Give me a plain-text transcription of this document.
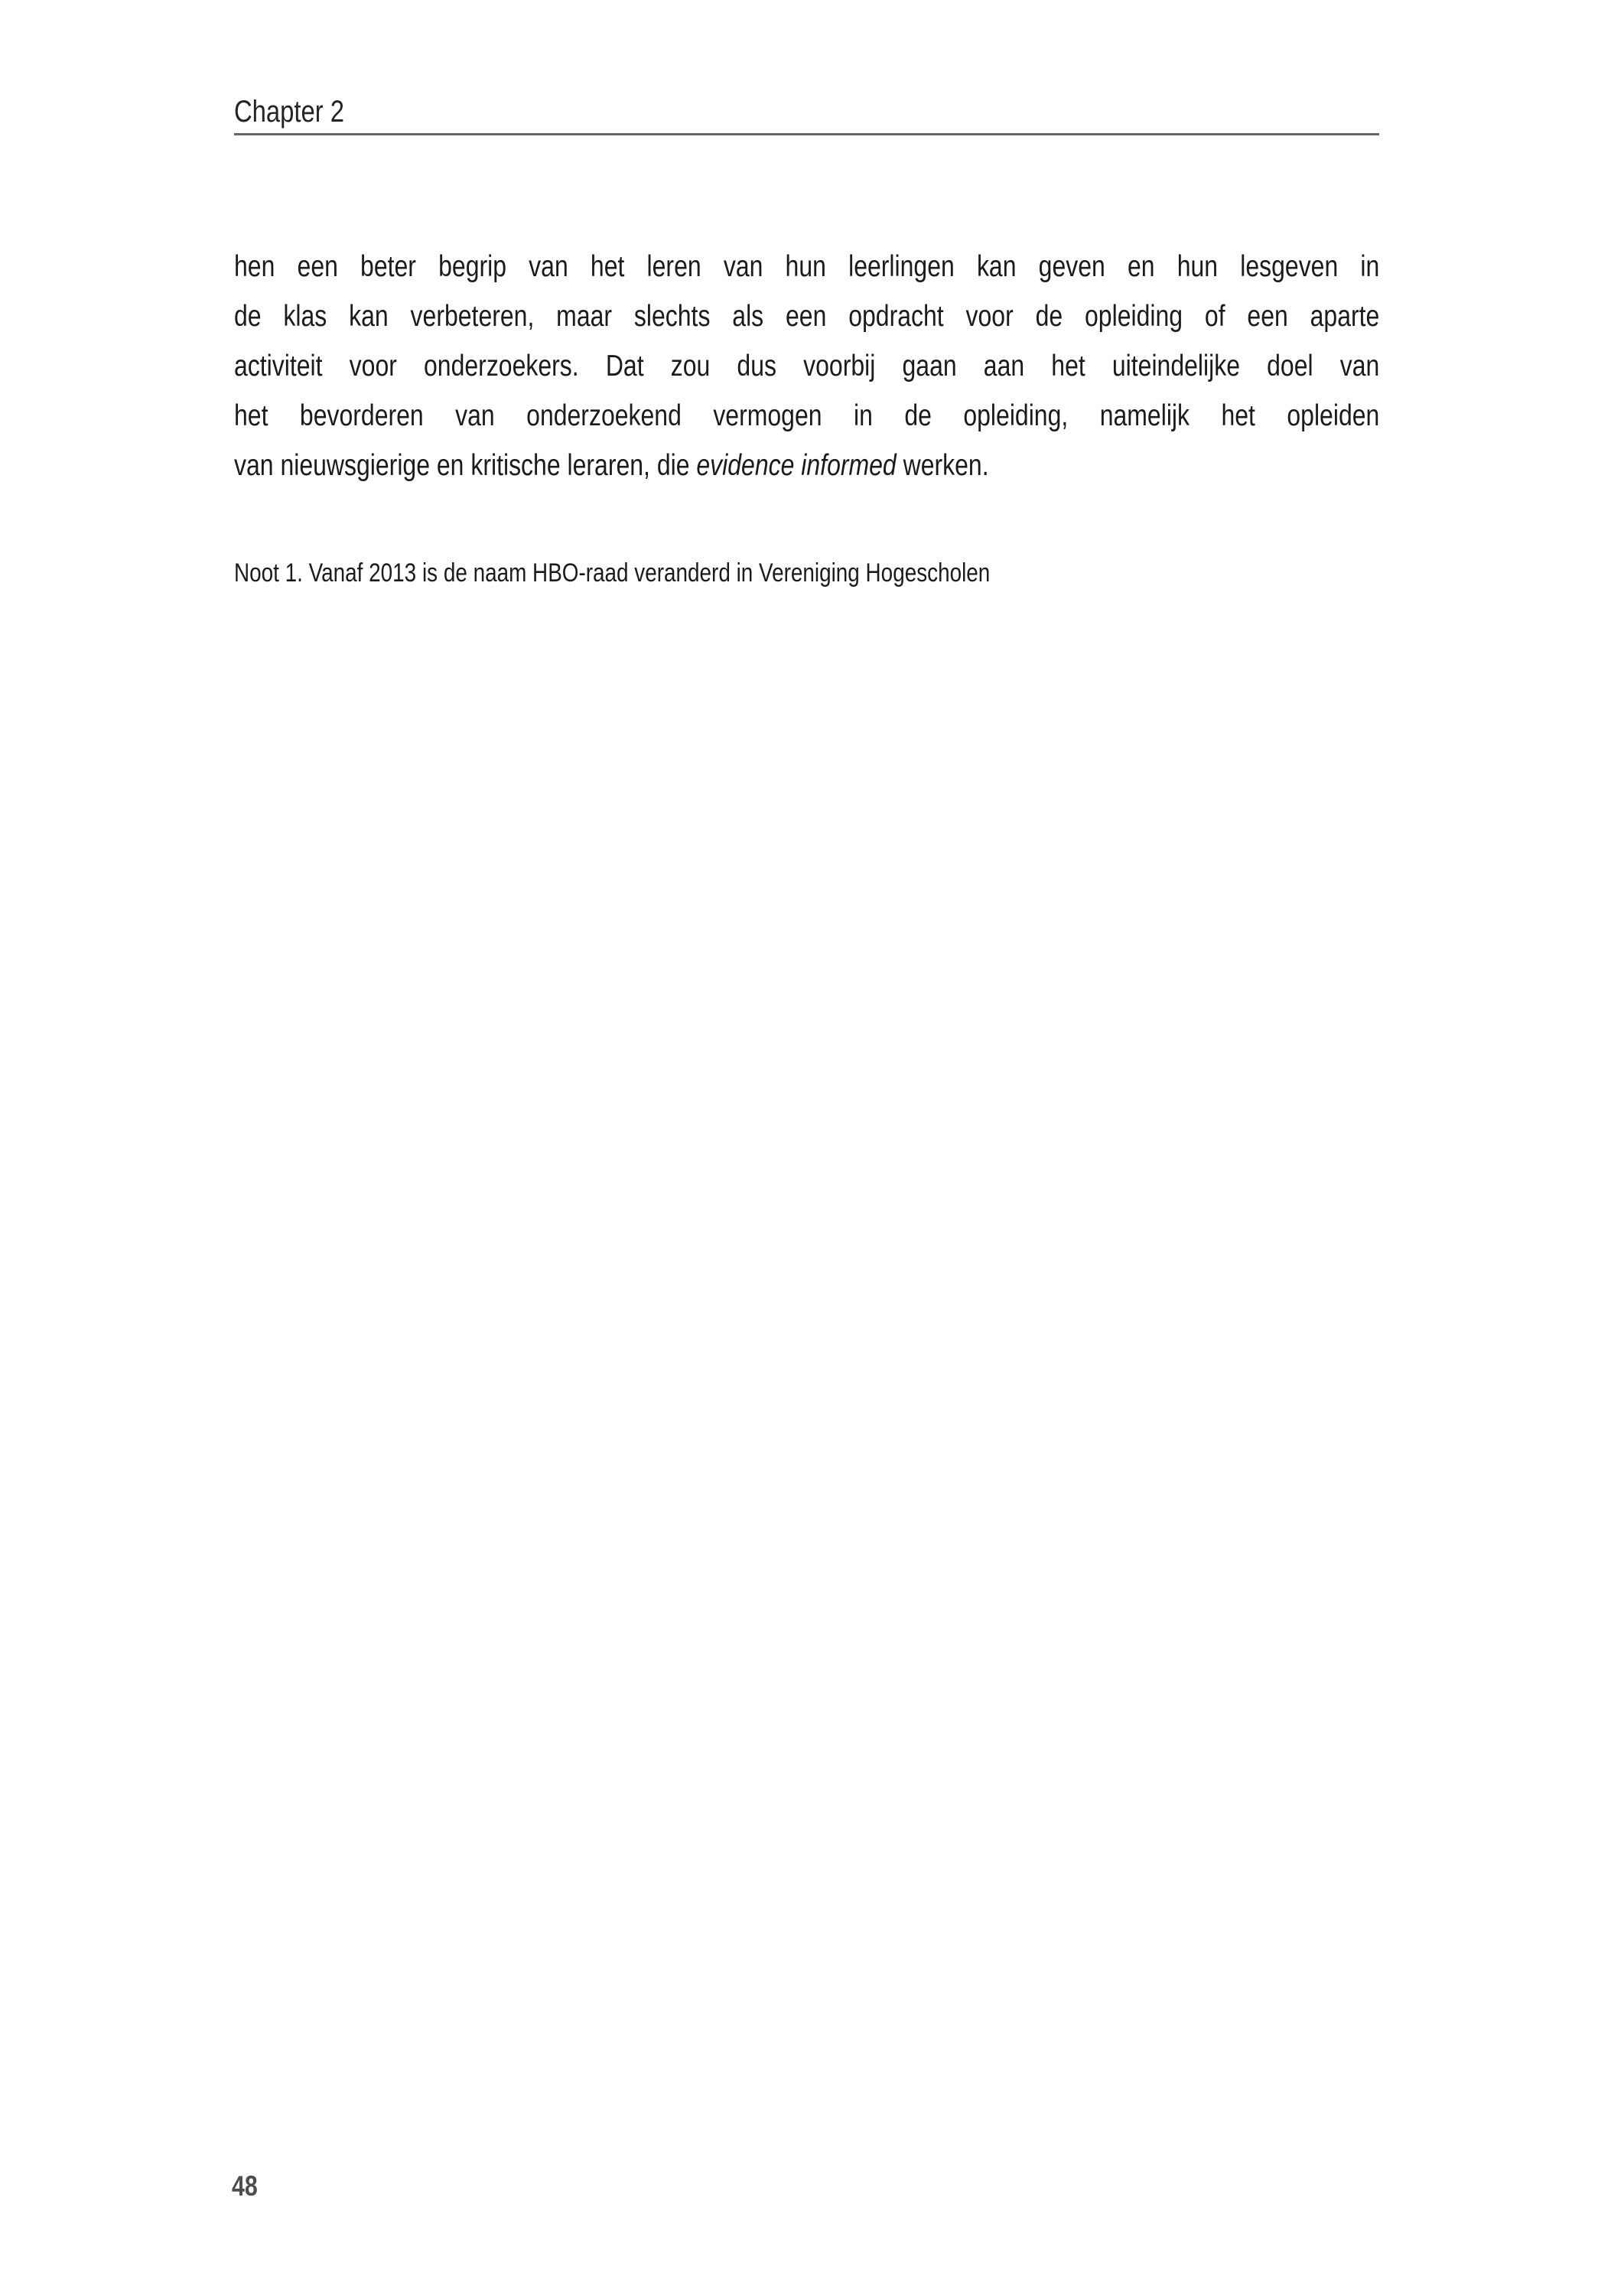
Chapter 2
hen een beter begrip van het leren van hun leerlingen kan geven en hun lesgeven in
de klas kan verbeteren, maar slechts als een opdracht voor de opleiding of een aparte
activiteit voor onderzoekers. Dat zou dus voorbij gaan aan het uiteindelijke doel van
het bevorderen van onderzoekend vermogen in de opleiding, namelijk het opleiden
van nieuwsgierige en kritische leraren, die evidence informed werken.
Noot 1. Vanaf 2013 is de naam HBO-raad veranderd in Vereniging Hogescholen
48
